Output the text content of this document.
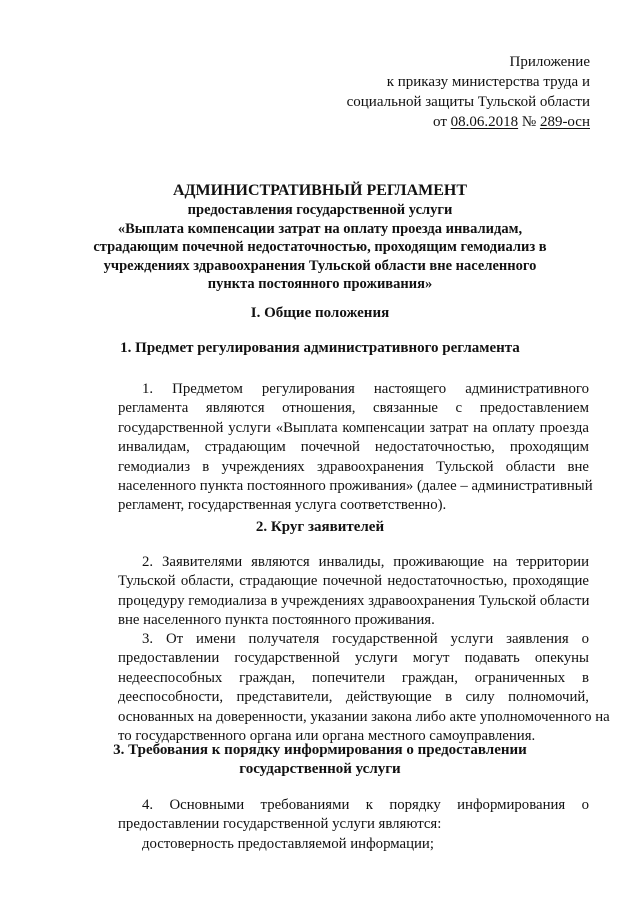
Приложение
к приказу министерства труда и
социальной защиты Тульской области
от 08.06.2018 № 289-осн
АДМИНИСТРАТИВНЫЙ РЕГЛАМЕНТ
предоставления государственной услуги
«Выплата компенсации затрат на оплату проезда инвалидам,
страдающим почечной недостаточностью, проходящим гемодиализ в
учреждениях здравоохранения Тульской области вне населенного
пункта постоянного проживания»
I. Общие положения
1. Предмет регулирования административного регламента
1. Предметом регулирования настоящего административного
регламента являются отношения, связанные с предоставлением
государственной услуги «Выплата компенсации затрат на оплату проезда
инвалидам, страдающим почечной недостаточностью, проходящим
гемодиализ в учреждениях здравоохранения Тульской области вне
населенного пункта постоянного проживания» (далее – административный
регламент, государственная услуга соответственно).
2. Круг заявителей
2. Заявителями являются инвалиды, проживающие на территории
Тульской области, страдающие почечной недостаточностью, проходящие
процедуру гемодиализа в учреждениях здравоохранения Тульской области
вне населенного пункта постоянного проживания.
3. От имени получателя государственной услуги заявления о
предоставлении государственной услуги могут подавать опекуны
недееспособных граждан, попечители граждан, ограниченных в
дееспособности, представители, действующие в силу полномочий,
основанных на доверенности, указании закона либо акте уполномоченного на
то государственного органа или органа местного самоуправления.
3. Требования к порядку информирования о предоставлении
государственной услуги
4. Основными требованиями к порядку информирования о
предоставлении государственной услуги являются:
достоверность предоставляемой информации;
